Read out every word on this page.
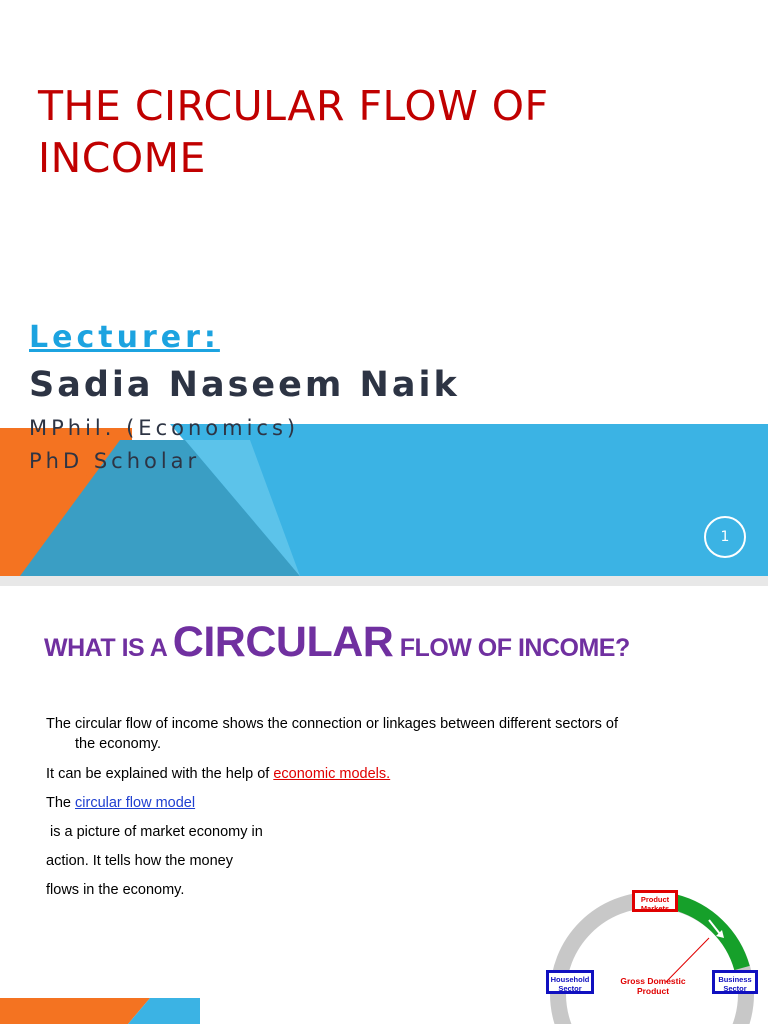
THE CIRCULAR FLOW OF
INCOME
Lecturer:
Sadia Naseem Naik
MPhil. (Economics)
PhD Scholar
1
WHAT IS A CIRCULAR FLOW OF INCOME?

The circular flow of income shows the connection or linkages between different sectors of

the economy.

It can be explained with the help of economic models.

The circular flow model

is a picture of market economy in

action. It tells how the money

flows in the economy.

Product
Markets
Household
Sector
Business
Sector
Gross Domestic
Product
